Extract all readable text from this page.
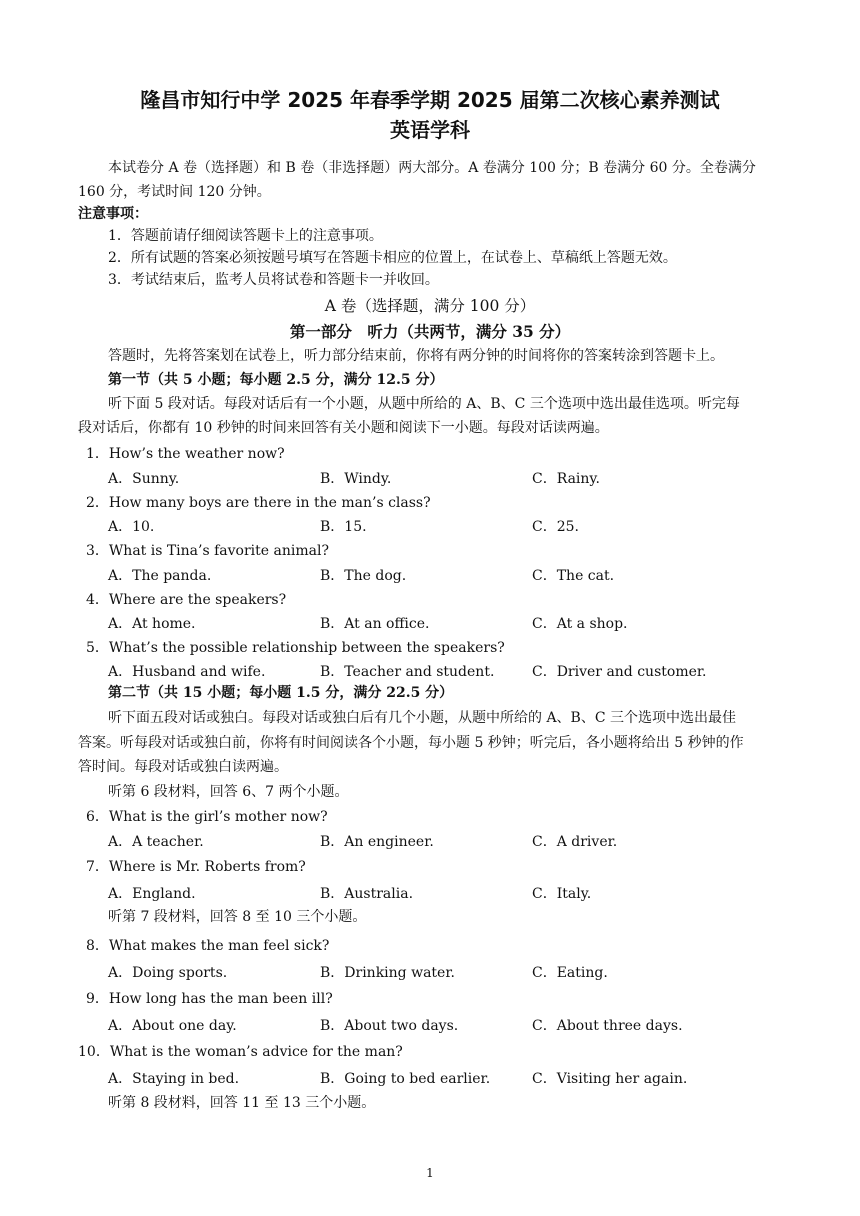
隆昌市知行中学 2025 年春季学期 2025 届第二次核心素养测试
英语学科
本试卷分 A 卷（选择题）和 B 卷（非选择题）两大部分。A 卷满分 100 分；B 卷满分 60 分。全卷满分
160 分，考试时间 120 分钟。
注意事项：
1．答题前请仔细阅读答题卡 · · · ·上的注意事项。
2．所有试题的答案必须按题号填写在答题卡相应的位置上，在试卷上、草稿纸上答题无效。
3．考试结束后，监考人员将试卷和答题卡一并收回。
A 卷（选择题，满分 100 分）
第一部分　听力（共两节，满分 35 分）
答题时，先将答案划在试卷上，听力部分结束前，你将有两分钟的时间将你的答案转涂到答题卡上。
第一节（共 5 小题；每小题 2.5 分，满分 12.5 分）
听下面 5 段对话。每段对话后有一个小题，从题中所给的 A、B、C 三个选项中选出最佳选项。听完每
段对话后，你都有 10 秒钟的时间来回答有关小题和阅读下一小题。每段对话读两遍。
1．How’s the weather now?
A．Sunny.	B．Windy.	C．Rainy.
2．How many boys are there in the man’s class?
A．10.	B．15.	C．25.
3．What is Tina’s favorite animal?
A．The panda.	B．The dog.	C．The cat.
4．Where are the speakers?
A．At home.	B．At an office.	C．At a shop.
5．What’s the possible relationship between the speakers?
A．Husband and wife.	B．Teacher and student.	C．Driver and customer.
第二节（共 15 小题；每小题 1.5 分，满分 22.5 分）
听下面五段对话或独白。每段对话或独白后有几个小题，从题中所给的 A、B、C 三个选项中选出最佳
答案。听每段对话或独白前，你将有时间阅读各个小题，每小题 5 秒钟；听完后，各小题将给出 5 秒钟的作
答时间。每段对话或独白读两遍。
听第 6 段材料，回答 6、7 两个小题。
6．What is the girl’s mother now?
A．A teacher.	B．An engineer.	C．A driver.
7．Where is Mr. Roberts from?
A．England.	B．Australia.	C．Italy.
听第 7 段材料，回答 8 至 10 三个小题。
8．What makes the man feel sick?
A．Doing sports.	B．Drinking water.	C．Eating.
9．How long has the man been ill?
A．About one day.	B．About two days.	C．About three days.
10．What is the woman’s advice for the man?
A．Staying in bed.	B．Going to bed earlier.	C．Visiting her again.
听第 8 段材料，回答 11 至 13 三个小题。
1
